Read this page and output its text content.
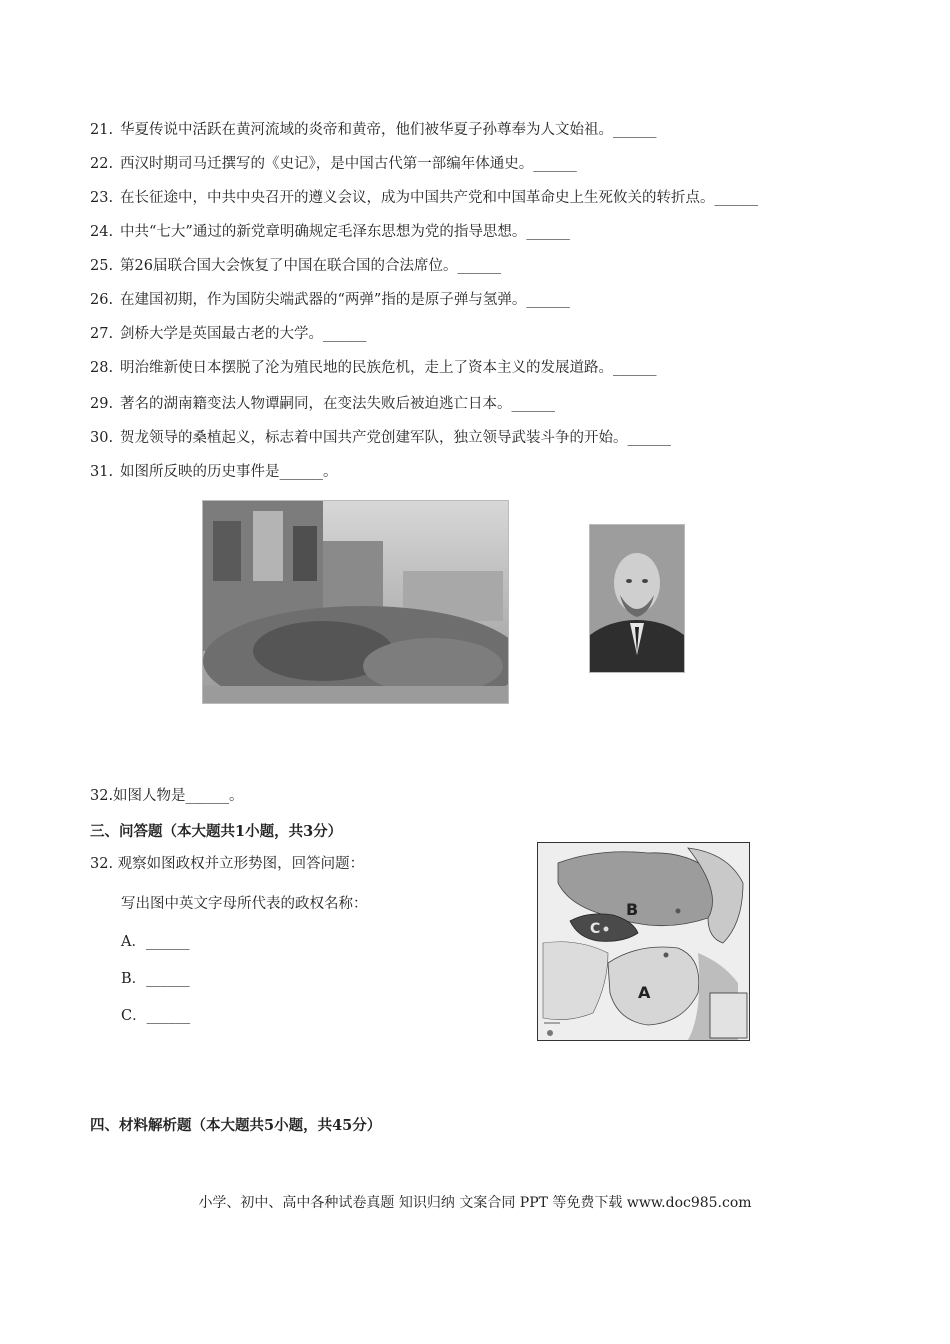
21. 华夏传说中活跃在黄河流域的炎帝和黄帝，他们被华夏子孙尊奉为人文始祖。______
22. 西汉时期司马迁撰写的《史记》，是中国古代第一部编年体通史。______
23. 在长征途中，中共中央召开的遵义会议，成为中国共产党和中国革命史上生死攸关的转折点。______
24. 中共“七大”通过的新党章明确规定毛泽东思想为党的指导思想。______
25. 第26届联合国大会恢复了中国在联合国的合法席位。______
26. 在建国初期，作为国防尖端武器的“两弹”指的是原子弹与氢弹。______
27. 剑桥大学是英国最古老的大学。______
28. 明治维新使日本摆脱了沦为殖民地的民族危机，走上了资本主义的发展道路。______
29. 著名的湖南籍变法人物谭嗣同，在变法失败后被迫逃亡日本。______
30. 贺龙领导的桑植起义，标志着中国共产党创建军队，独立领导武装斗争的开始。______
31. 如图所反映的历史事件是______。
32.如图人物是______。
三、问答题（本大题共1小题，共3分）
32. 观察如图政权并立形势图，回答问题：
写出图中英文字母所代表的政权名称：
A．______
B．______
C．______
B
C
A
四、材料解析题（本大题共5小题，共45分）
小学、初中、高中各种试卷真题 知识归纳 文案合同 PPT 等免费下载 www.doc985.com
